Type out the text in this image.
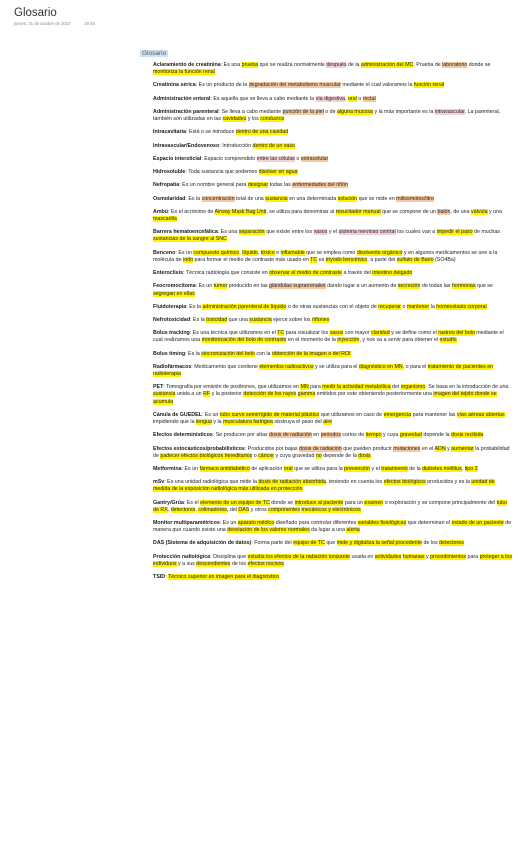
Glosario
jueves, 31 de octubre de 2024	20:46
Glosario

Aclaramiento de creatinina: Es una prueba que se realiza normalmente después de la administración del MC. Prueba de laboratorio donde se monitoriza la función renal

Creatinina sérica: Es un producto de la degradación del metabolismo muscular mediante el cual valoramos la función renal

Administración enteral: Es aquella que se lleva a cabo mediante la vía digestiva, oral o rectal

Administración parenteral: Se lleva a cabo mediante punción de la piel o de alguna mucosa y la más importante es la intravascular. La parenteral, también son utilizadas en las cavidades y los conductos

Intracavitaria: Está o se introduce dentro de una cavidad

Intravascular/Endovenoso: Introducción dentro de un vaso

Espacio intersticial: Espacio comprendido entre las células o extracelular

Hidrosoluble: Toda sustancia que podemos disolver en agua

Nefropatía: Es un nombre general para designar todas las enfermedades del riñón

Osmolaridad: Es la concentración total de una sustancia en una determinada solución que se mide en miliosmoles/litro

Ambú: Es el acrónimo de Airway Mask Bag Unit, se utiliza para denominar al resucitador manual que se compone de un balón, de una válvula y una mascarilla

Barrera hematoencefálica: Es una separación que existe entre los vasos y el sistema nervioso central los cuales van a impedir el paso de muchas sustancias de la sangre al SNC

Benceno: Es un compuesto químico, líquido, tóxico e inflamable que se emplea como disolvente orgánico y en algunos medicamentos se une a la molécula de iodo para formar el medio de contraste más usado en TC es triyodo bencénico, a parte del sulfato de Bario (SO4Ba)

Enteroclisis: Técnica radiología que consiste en observar el medio de contraste a través del intestino delgado

Feocromocitoma: Es un tumor producido en las glándulas suprarrenales dando lugar a un aumento de secreción de todas las hormonas que se segregan en ellas

Fluidoterapia: Es la administración parenteral de líquido o de otras sustancias con el objeto de recuperar o mantener la homeostasis corporal

Nefrotoxicidad: Es la toxicidad que una sustancia ejerce sobre los riñones

Bolus tracking: Es una técnica que utilizamos en el TC para visualizar los vasos con mayor claridad y se define como el rastreo del bolo mediante el cual realizamos una monitorización del bolo de contraste en el momento de la inyección, y nos va a servir para obtener el estudio

Bolus timing: Es la sincronización del bolo con la obtención de la imagen o del ROI

Radiofármacos: Medicamento que contiene elementos radioactivos y se utiliza para el diagnóstico en MN, o para el tratamiento de pacientes en radioterapia

PET: Tomografía por emisión de positrones, que utilizamos en MN para medir la actividad metabólica del organismo. Se basa en la introducción de una sustancia unida a un RF y la posterior detección de los rayos gamma emitidos por este obteniendo posteriormente una imagen del tejido donde se acumula

Cánula de GUEDEL: Es un tubo curvo semirrígido de material plástico que utilizamos en caso de emergencia para mantener las vías aéreas abiertas impidiendo que la lengua y la musculatura faríngea obstruya el paso del aire

Efectos determinísticos: Se producen por altas dosis de radiación en periodos cortos de tiempo y cuya gravedad depende la dosis recibida

Efectos estocásticos/probabilísticos: Producidos por bajas dosis de radiación que pueden producir mutaciones en el ADN y aumentar la probabilidad de padecer efectos biológicos hereditarios o cáncer y cuya gravedad no depende de la dosis

Metformina: Es un fármaco antidiabético de aplicación oral que se utiliza para la prevención y el tratamiento de la diabetes mellitus, tipo 2

mSv: Es una unidad radiológica que mide la dosis de radiación absorbida, teniendo en cuenta los efectos biológicos producidos y es la unidad de medida de la exposición radiológica más utilizada en protección

Gantry/Grúa: Es el elemento de un equipo de TC donde se introduce al paciente para un examen o exploración y se compone principalmente del tubo de RX, detectores, colimadores, del DAS y otros componentes mecánicos y electrónicos

Monitor multiparamétricos: Es un aparato médico diseñado para controlar diferentes variables fisiológicas que determinan el estado de un paciente de manera que cuando existe una desviación de los valores normales da lugar a una alerta

DAS (Sistema de adquisición de datos): Forma parte del equipo de TC que mide y digitaliza la señal procedente de los detectores

Protección radiológica: Disciplina que estudia los efectos de la radiación ionizante usada en actividades humanas y procedimientos para proteger a los individuos y a sus descendientes de los efectos nocivos

TSID: Técnico superior en imagen para el diagnóstico
